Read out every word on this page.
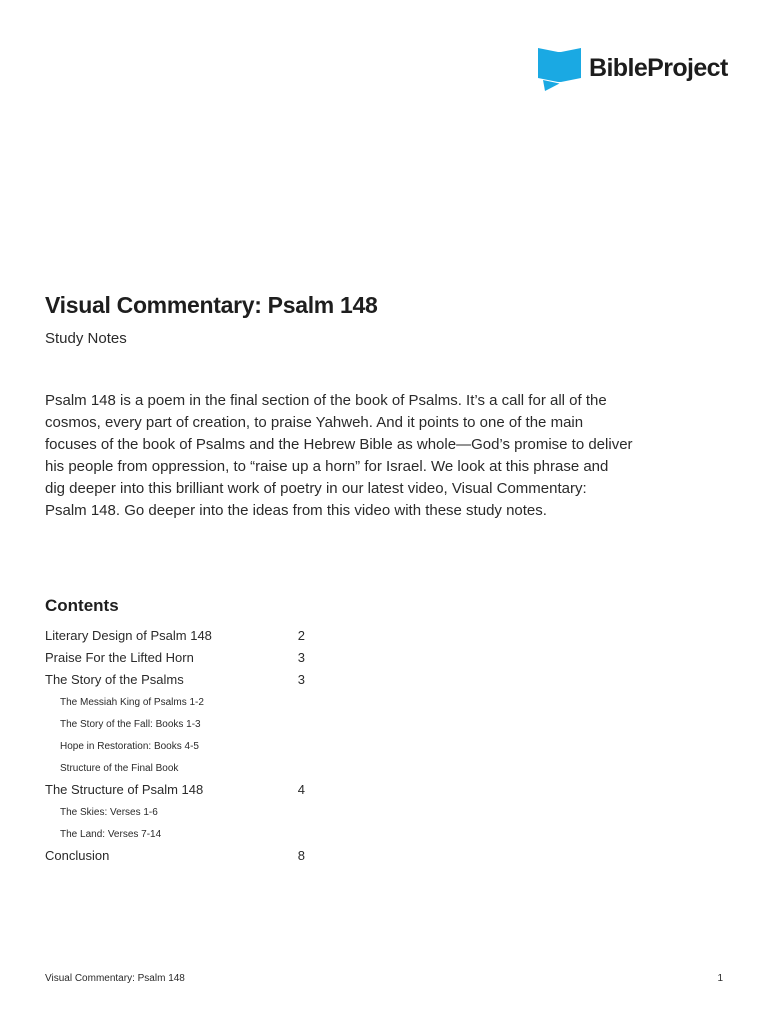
BibleProject
Visual Commentary: Psalm 148

Study Notes

Psalm 148 is a poem in the final section of the book of Psalms. It’s a call for all of the
cosmos, every part of creation, to praise Yahweh. And it points to one of the main
focuses of the book of Psalms and the Hebrew Bible as whole—God’s promise to deliver
his people from oppression, to “raise up a horn” for Israel. We look at this phrase and
dig deeper into this brilliant work of poetry in our latest video, Visual Commentary:
Psalm 148. Go deeper into the ideas from this video with these study notes.

Contents
Literary Design of Psalm 148	2
Praise For the Lifted Horn	3
The Story of the Psalms	3
The Messiah King of Psalms 1-2
The Story of the Fall: Books 1-3
Hope in Restoration: Books 4-5
Structure of the Final Book
The Structure of Psalm 148	4
The Skies: Verses 1-6
The Land: Verses 7-14
Conclusion	8
Visual Commentary: Psalm 148	1
